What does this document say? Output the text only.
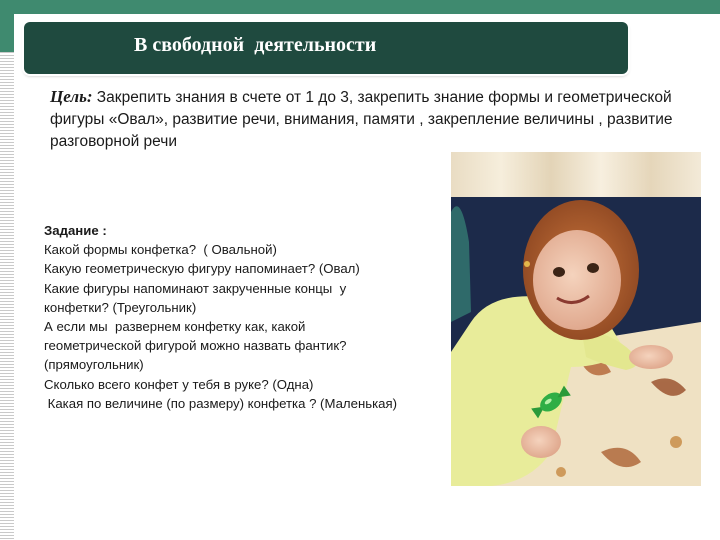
В свободной  деятельности
Цель: Закрепить знания в счете от 1 до 3, закрепить знание формы и геометрической фигуры «Овал», развитие речи, внимания, памяти , закрепление величины , развитие разговорной речи
Задание :
Какой формы конфетка?  ( Овальной)
Какую геометрическую фигуру напоминает? (Овал)
Какие фигуры напоминают закрученные концы  у
конфетки? (Треугольник)
А если мы  развернем конфетку как, какой
геометрической фигурой можно назвать фантик?
(прямоугольник)
Сколько всего конфет у тебя в руке? (Одна)
Какая по величине (по размеру) конфетка ? (Маленькая)
